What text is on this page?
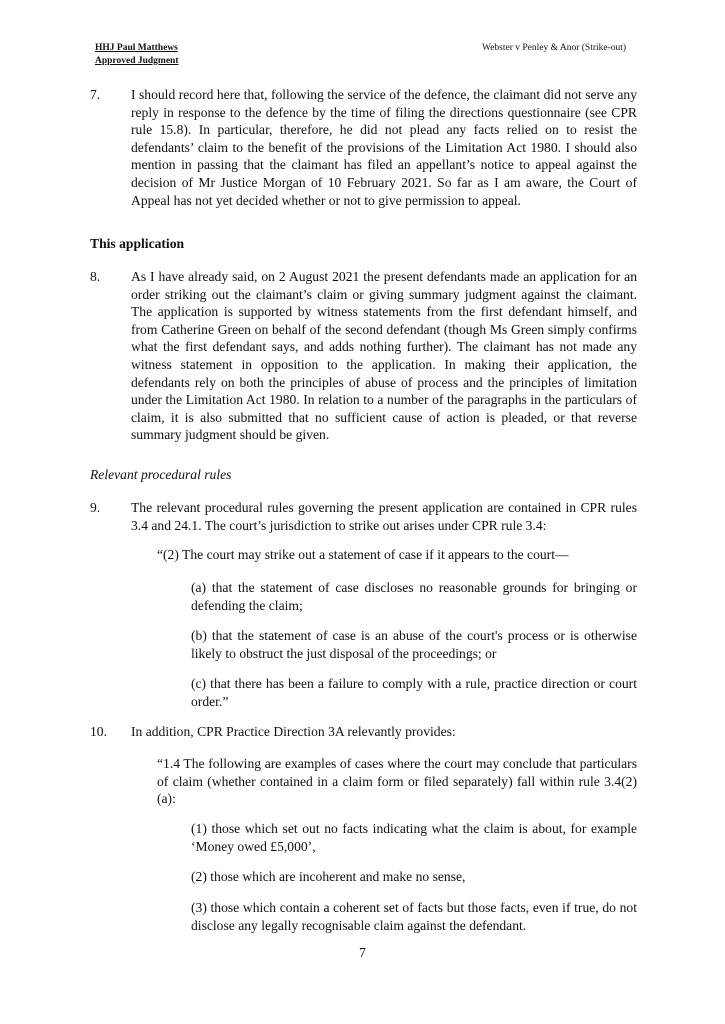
HHJ Paul Matthews
Approved Judgment
Webster v Penley & Anor (Strike-out)
7. I should record here that, following the service of the defence, the claimant did not serve any reply in response to the defence by the time of filing the directions questionnaire (see CPR rule 15.8). In particular, therefore, he did not plead any facts relied on to resist the defendants’ claim to the benefit of the provisions of the Limitation Act 1980. I should also mention in passing that the claimant has filed an appellant’s notice to appeal against the decision of Mr Justice Morgan of 10 February 2021. So far as I am aware, the Court of Appeal has not yet decided whether or not to give permission to appeal.
This application
8. As I have already said, on 2 August 2021 the present defendants made an application for an order striking out the claimant’s claim or giving summary judgment against the claimant. The application is supported by witness statements from the first defendant himself, and from Catherine Green on behalf of the second defendant (though Ms Green simply confirms what the first defendant says, and adds nothing further). The claimant has not made any witness statement in opposition to the application. In making their application, the defendants rely on both the principles of abuse of process and the principles of limitation under the Limitation Act 1980. In relation to a number of the paragraphs in the particulars of claim, it is also submitted that no sufficient cause of action is pleaded, or that reverse summary judgment should be given.
Relevant procedural rules
9. The relevant procedural rules governing the present application are contained in CPR rules 3.4 and 24.1. The court’s jurisdiction to strike out arises under CPR rule 3.4:
“(2) The court may strike out a statement of case if it appears to the court—
(a) that the statement of case discloses no reasonable grounds for bringing or defending the claim;
(b) that the statement of case is an abuse of the court's process or is otherwise likely to obstruct the just disposal of the proceedings; or
(c) that there has been a failure to comply with a rule, practice direction or court order.”
10. In addition, CPR Practice Direction 3A relevantly provides:
“1.4 The following are examples of cases where the court may conclude that particulars of claim (whether contained in a claim form or filed separately) fall within rule 3.4(2)(a):
(1) those which set out no facts indicating what the claim is about, for example ‘Money owed £5,000’,
(2) those which are incoherent and make no sense,
(3) those which contain a coherent set of facts but those facts, even if true, do not disclose any legally recognisable claim against the defendant.
7
